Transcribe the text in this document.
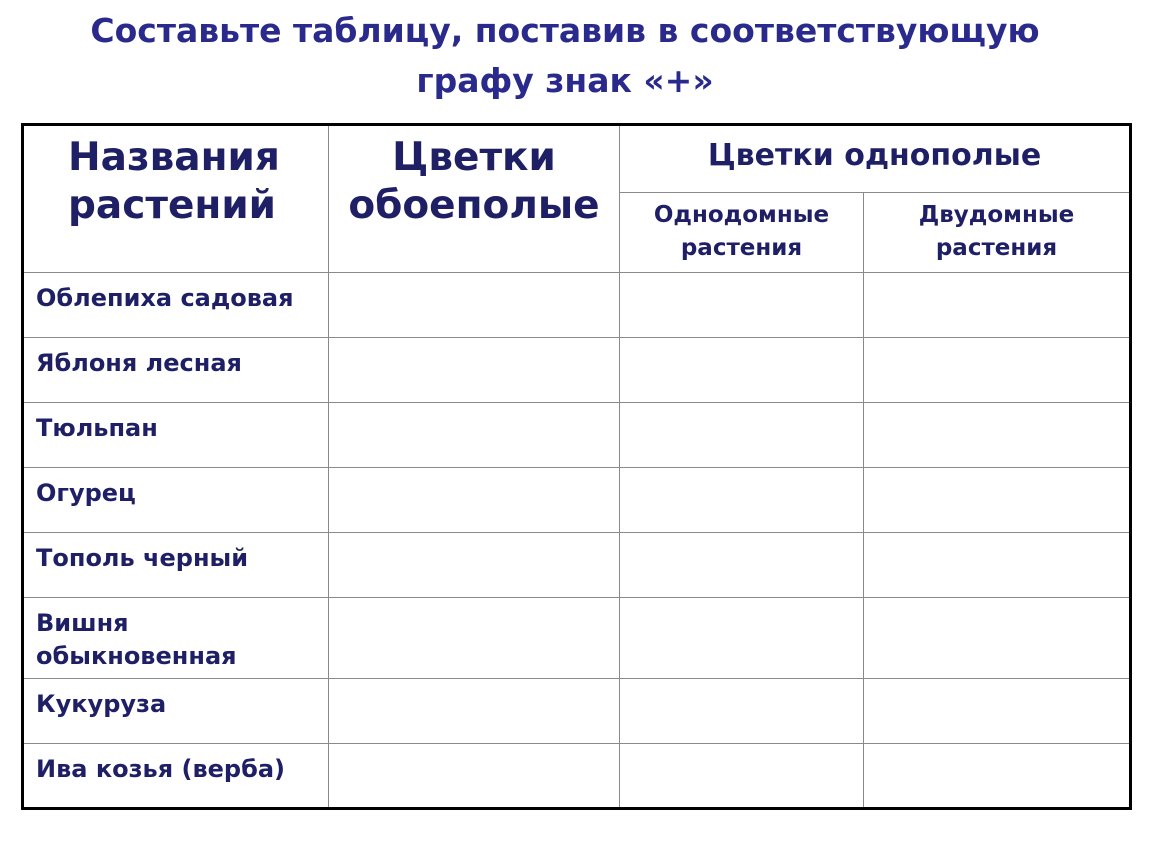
Составьте таблицу, поставив в соответствующую
графу знак «+»
Названия растений	Цветки обоеполые	Цветки однополые	

		Однодомные растения	Двудомные растения

Облепиха садовая			

Яблоня лесная			

Тюльпан			

Огурец			

Тополь черный			

Вишня обыкновенная			

Кукуруза			

Ива козья (верба)			
